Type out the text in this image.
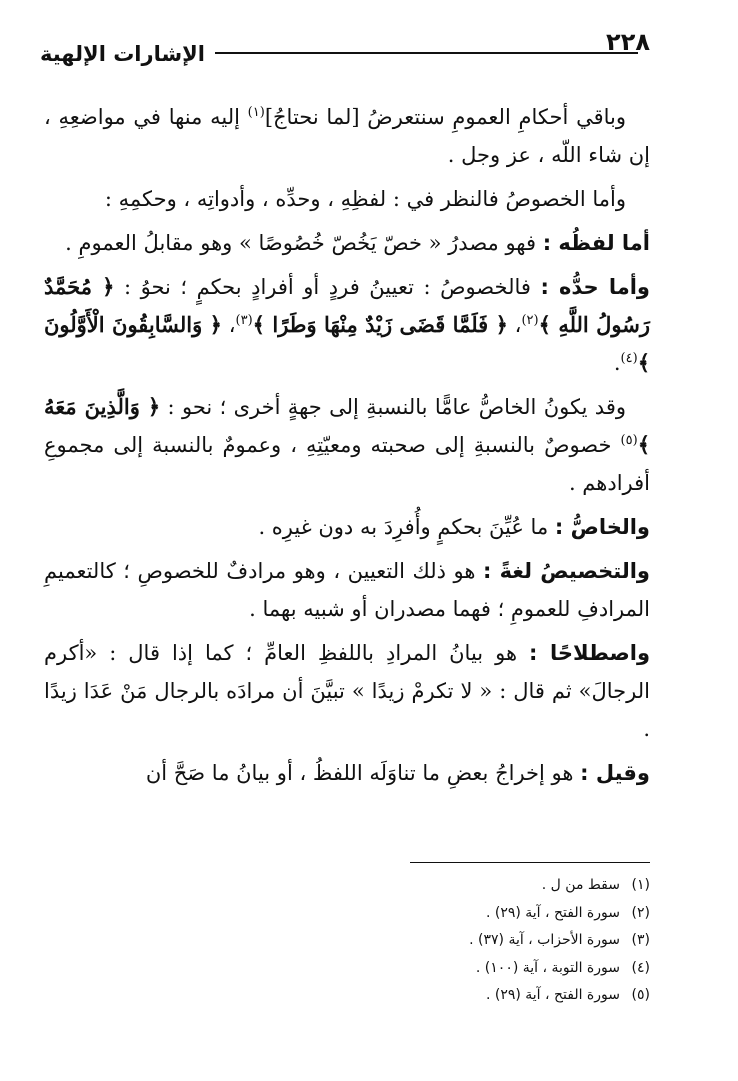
٢٢٨
الإشارات الإلهية

وباقي أحكامِ العمومِ سنتعرضُ [لما نحتاجُ]$^{(١)}$ إليه منها في مواضعِهِ ، إن شاء اللّه ، عز وجل .

وأما الخصوصُ فالنظر في : لفظِهِ ، وحدِّه ، وأدواتِه ، وحكمِهِ :

أما لفظُه : فهو مصدرُ « خصّ يَخُصّ خُصُوصًا » وهو مقابلُ العمومِ .

وأما حدُّه : فالخصوصُ : تعيينُ فردٍ أو أفرادٍ بحكمٍ ؛ نحوُ : ﴿ مُحَمَّدٌ رَسُولُ اللَّهِ ﴾$^{(٢)}$، ﴿ فَلَمَّا قَضَى زَيْدٌ مِنْهَا وَطَرًا ﴾$^{(٣)}$، ﴿ وَالسَّابِقُونَ الْأَوَّلُونَ ﴾$^{(٤)}$.

وقد يكونُ الخاصُّ عامًّا بالنسبةِ إلى جهةٍ أخرى ؛ نحو : ﴿ وَالَّذِينَ مَعَهُ ﴾$^{(٥)}$ خصوصٌ بالنسبةِ إلى صحبته ومعيّتِهِ ، وعمومٌ بالنسبة إلى مجموعِ أفرادهم .

والخاصُّ : ما عُيِّنَ بحكمٍ وأُفرِدَ به دون غيرِه .

والتخصيصُ لغةً : هو ذلك التعيين ، وهو مرادفٌ للخصوصِ ؛ كالتعميمِ المرادفِ للعمومِ ؛ فهما مصدران أو شبيه بهما .

واصطلاحًا : هو بيانُ المرادِ باللفظِ العامِّ ؛ كما إذا قال : «أكرم الرجالَ» ثم قال : « لا تكرمْ زيدًا » تبيَّنَ أن مرادَه بالرجال مَنْ عَدَا زيدًا .

وقيل : هو إخراجُ بعضِ ما تناوَلَه اللفظُ ، أو بيانُ ما صَحَّ أن

(١)سقط من ل .
(٢)سورة الفتح ، آية (٢٩) .
(٣)سورة الأحزاب ، آية (٣٧) .
(٤)سورة التوبة ، آية (١٠٠) .
(٥)سورة الفتح ، آية (٢٩) .
